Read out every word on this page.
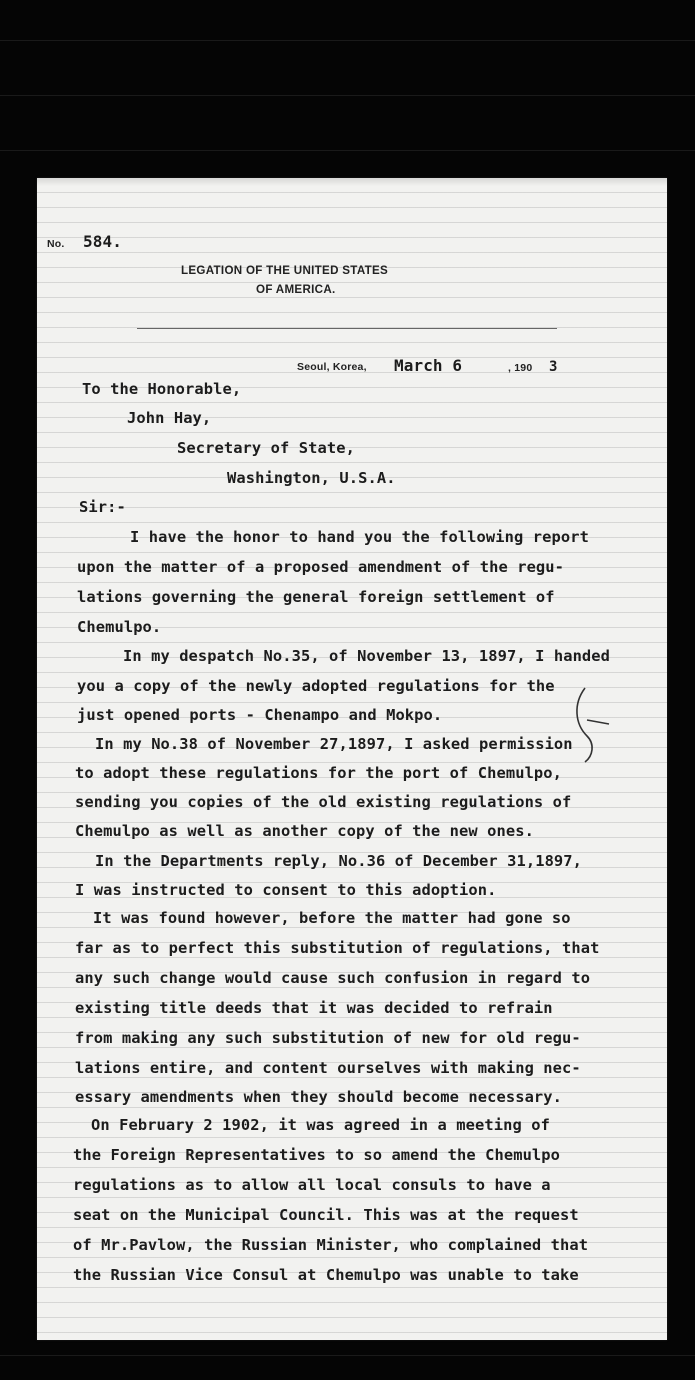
No. 584.
LEGATION OF THE UNITED STATES
OF AMERICA.
Seoul, Korea, March 6	, 190 3
To the Honorable,
John Hay,
Secretary of State,
Washington, U.S.A.
Sir:-
I have the honor to hand you the following report
upon the matter of a proposed amendment of the regu-
lations governing the general foreign settlement of
Chemulpo.
In my despatch No.35, of November 13, 1897, I handed
you a copy of the newly adopted regulations for the
just opened ports - Chenampo and Mokpo.
In my No.38 of November 27,1897, I asked permission
to adopt these regulations for the port of Chemulpo,
sending you copies of the old existing regulations of
Chemulpo as well as another copy of the new ones.
In the Departments reply, No.36 of December 31,1897,
I was instructed to consent to this adoption.
It was found however, before the matter had gone so
far as to perfect this substitution of regulations, that
any such change would cause such confusion in regard to
existing title deeds that it was decided to refrain
from making any such substitution of new for old regu-
lations entire, and content ourselves with making nec-
essary amendments when they should become necessary.
On February 2 1902, it was agreed in a meeting of
the Foreign Representatives to so amend the Chemulpo
regulations as to allow all local consuls to have a
seat on the Municipal Council. This was at the request
of Mr.Pavlow, the Russian Minister, who complained that
the Russian Vice Consul at Chemulpo was unable to take
